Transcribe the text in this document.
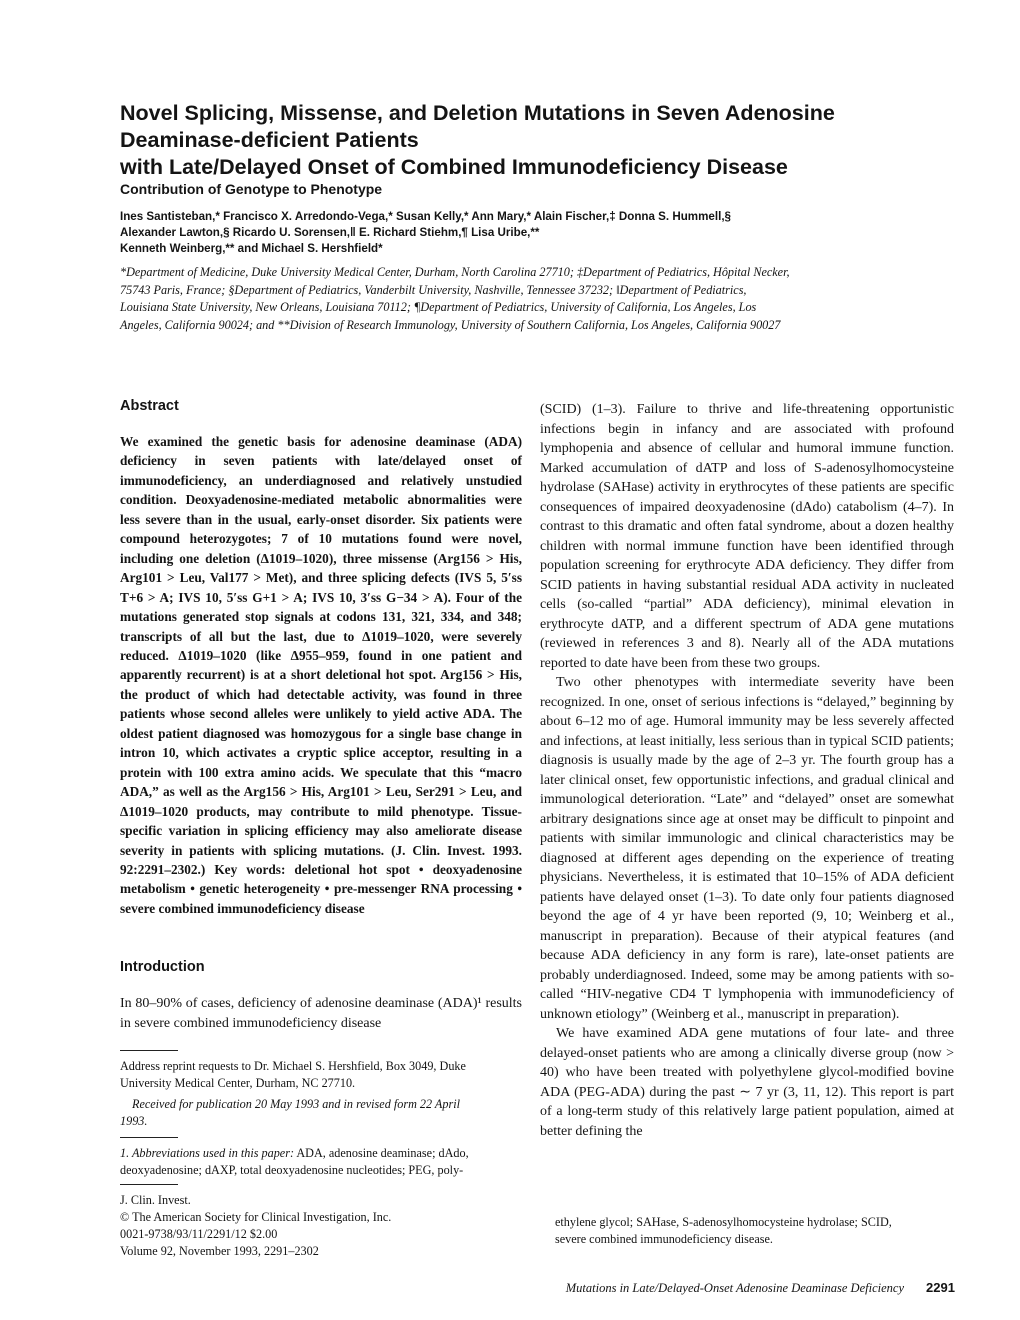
Novel Splicing, Missense, and Deletion Mutations in Seven Adenosine
Deaminase-deficient Patients
with Late/Delayed Onset of Combined Immunodeficiency Disease

Contribution of Genotype to Phenotype

Ines Santisteban,* Francisco X. Arredondo-Vega,* Susan Kelly,* Ann Mary,* Alain Fischer,‡ Donna S. Hummell,§
Alexander Lawton,§ Ricardo U. Sorensen,‖ E. Richard Stiehm,¶ Lisa Uribe,**
Kenneth Weinberg,** and Michael S. Hershfield*

*Department of Medicine, Duke University Medical Center, Durham, North Carolina 27710; ‡Department of Pediatrics, Hôpital Necker,
75743 Paris, France; §Department of Pediatrics, Vanderbilt University, Nashville, Tennessee 37232; ‖Department of Pediatrics,
Louisiana State University, New Orleans, Louisiana 70112; ¶Department of Pediatrics, University of California, Los Angeles, Los
Angeles, California 90024; and **Division of Research Immunology, University of Southern California, Los Angeles, California 90027

Abstract

We examined the genetic basis for adenosine deaminase (ADA) deficiency in seven patients with late/delayed onset of immunodeficiency, an underdiagnosed and relatively unstudied condition. Deoxyadenosine-mediated metabolic abnormalities were less severe than in the usual, early-onset disorder. Six patients were compound heterozygotes; 7 of 10 mutations found were novel, including one deletion (Δ1019–1020), three missense (Arg156 > His, Arg101 > Leu, Val177 > Met), and three splicing defects (IVS 5, 5′ss T+6 > A; IVS 10, 5′ss G+1 > A; IVS 10, 3′ss G−34 > A). Four of the mutations generated stop signals at codons 131, 321, 334, and 348; transcripts of all but the last, due to Δ1019–1020, were severely reduced. Δ1019–1020 (like Δ955–959, found in one patient and apparently recurrent) is at a short deletional hot spot. Arg156 > His, the product of which had detectable activity, was found in three patients whose second alleles were unlikely to yield active ADA. The oldest patient diagnosed was homozygous for a single base change in intron 10, which activates a cryptic splice acceptor, resulting in a protein with 100 extra amino acids. We speculate that this “macro ADA,” as well as the Arg156 > His, Arg101 > Leu, Ser291 > Leu, and Δ1019–1020 products, may contribute to mild phenotype. Tissue-specific variation in splicing efficiency may also ameliorate disease severity in patients with splicing mutations. (J. Clin. Invest. 1993. 92:2291–2302.) Key words: deletional hot spot • deoxyadenosine metabolism • genetic heterogeneity • pre-messenger RNA processing • severe combined immunodeficiency disease

Introduction

In 80–90% of cases, deficiency of adenosine deaminase (ADA)¹ results in severe combined immunodeficiency disease

Address reprint requests to Dr. Michael S. Hershfield, Box 3049, Duke
University Medical Center, Durham, NC 27710.

Received for publication 20 May 1993 and in revised form 22 April
1993.

1. Abbreviations used in this paper: ADA, adenosine deaminase; dAdo,
deoxyadenosine; dAXP, total deoxyadenosine nucleotides; PEG, poly-

J. Clin. Invest.
© The American Society for Clinical Investigation, Inc.
0021-9738/93/11/2291/12 $2.00
Volume 92, November 1993, 2291–2302

(SCID) (1–3). Failure to thrive and life-threatening opportunistic infections begin in infancy and are associated with profound lymphopenia and absence of cellular and humoral immune function. Marked accumulation of dATP and loss of S-adenosylhomocysteine hydrolase (SAHase) activity in erythrocytes of these patients are specific consequences of impaired deoxyadenosine (dAdo) catabolism (4–7). In contrast to this dramatic and often fatal syndrome, about a dozen healthy children with normal immune function have been identified through population screening for erythrocyte ADA deficiency. They differ from SCID patients in having substantial residual ADA activity in nucleated cells (so-called “partial” ADA deficiency), minimal elevation in erythrocyte dATP, and a different spectrum of ADA gene mutations (reviewed in references 3 and 8). Nearly all of the ADA mutations reported to date have been from these two groups.

Two other phenotypes with intermediate severity have been recognized. In one, onset of serious infections is “delayed,” beginning by about 6–12 mo of age. Humoral immunity may be less severely affected and infections, at least initially, less serious than in typical SCID patients; diagnosis is usually made by the age of 2–3 yr. The fourth group has a later clinical onset, few opportunistic infections, and gradual clinical and immunological deterioration. “Late” and “delayed” onset are somewhat arbitrary designations since age at onset may be difficult to pinpoint and patients with similar immunologic and clinical characteristics may be diagnosed at different ages depending on the experience of treating physicians. Nevertheless, it is estimated that 10–15% of ADA deficient patients have delayed onset (1–3). To date only four patients diagnosed beyond the age of 4 yr have been reported (9, 10; Weinberg et al., manuscript in preparation). Because of their atypical features (and because ADA deficiency in any form is rare), late-onset patients are probably underdiagnosed. Indeed, some may be among patients with so-called “HIV-negative CD4 T lymphopenia with immunodeficiency of unknown etiology” (Weinberg et al., manuscript in preparation).

We have examined ADA gene mutations of four late- and three delayed-onset patients who are among a clinically diverse group (now > 40) who have been treated with polyethylene glycol-modified bovine ADA (PEG-ADA) during the past ∼ 7 yr (3, 11, 12). This report is part of a long-term study of this relatively large patient population, aimed at better defining the

ethylene glycol; SAHase, S-adenosylhomocysteine hydrolase; SCID,
severe combined immunodeficiency disease.

Mutations in Late/Delayed-Onset Adenosine Deaminase Deficiency 2291
